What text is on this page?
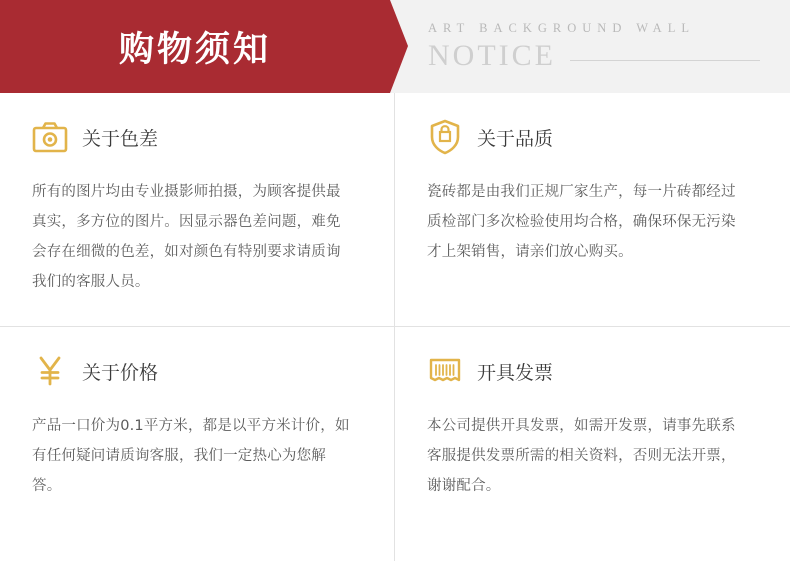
购物须知
ART BACKGROUND WALL
NOTICE
关于色差

所有的图片均由专业摄影师拍摄，为顾客提供最真实，多方位的图片。因显示器色差问题，难免会存在细微的色差，如对颜色有特别要求请质询我们的客服人员。

关于品质

瓷砖都是由我们正规厂家生产，每一片砖都经过质检部门多次检验使用均合格，确保环保无污染才上架销售，请亲们放心购买。

关于价格

产品一口价为0.1平方米，都是以平方米计价，如有任何疑问请质询客服，我们一定热心为您解答。

开具发票

本公司提供开具发票，如需开发票，请事先联系客服提供发票所需的相关资料，否则无法开票，谢谢配合。
